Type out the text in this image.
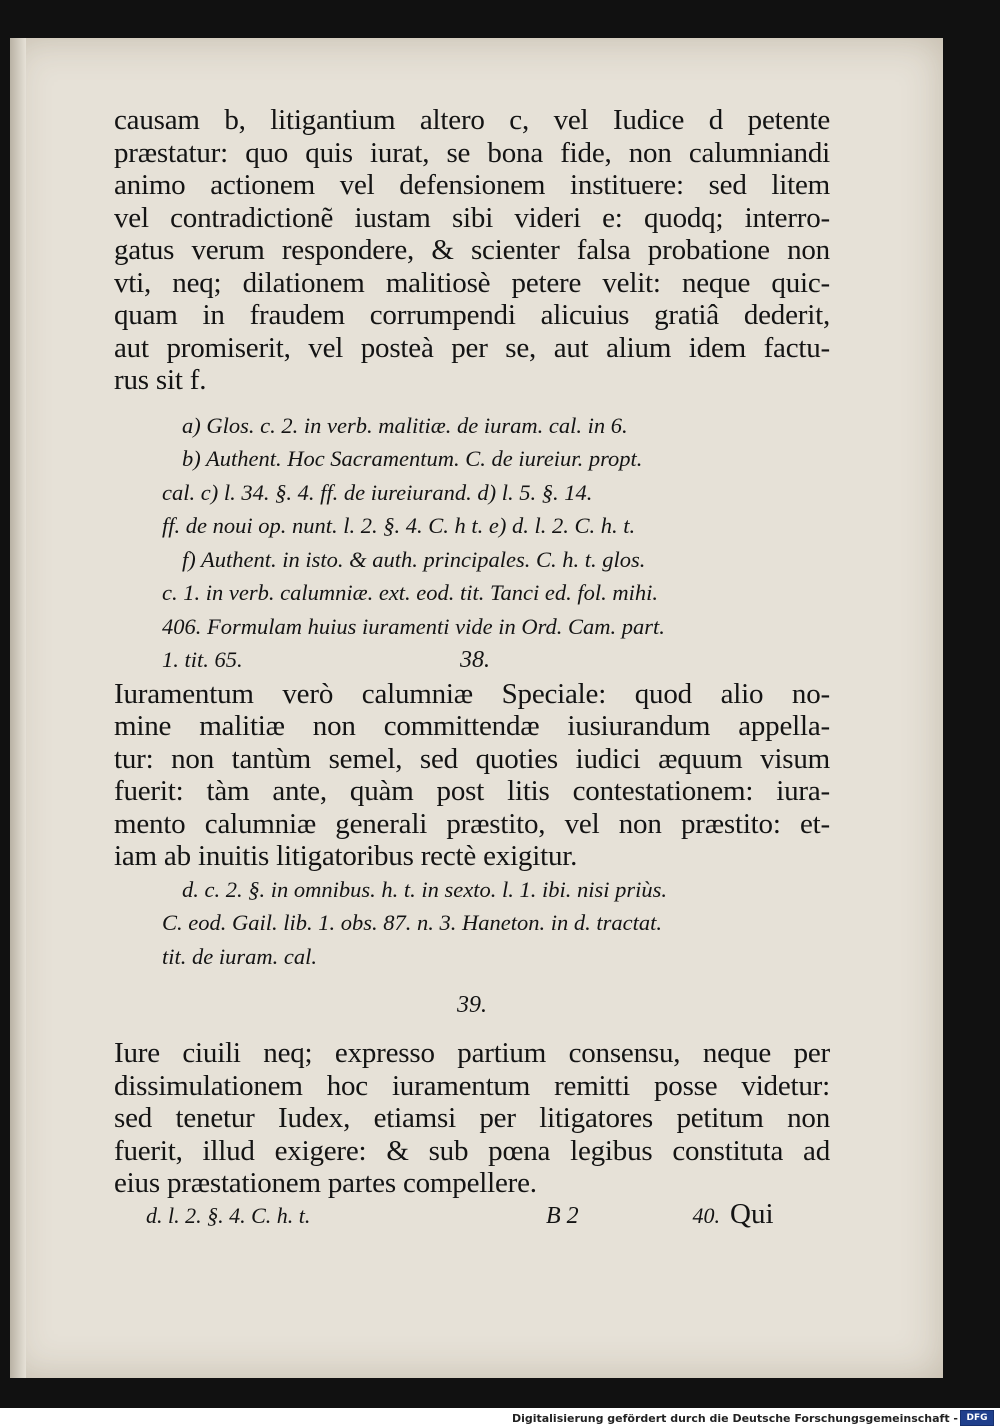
causam b, litigantium altero c, vel Iudice d petente
præstatur: quo quis iurat, se bona fide, non calumniandi
animo actionem vel defensionem instituere: sed litem
vel contradictionẽ iustam sibi videri e: quodq; interro-
gatus verum respondere, & scienter falsa probatione non
vti, neq; dilationem malitiosè petere velit: neque quic-
quam in fraudem corrumpendi alicuius gratiâ dederit,
aut promiserit, vel posteà per se, aut alium idem factu-
rus sit f.
a) Glos. c. 2. in verb. malitiæ. de iuram. cal. in 6.
b) Authent. Hoc Sacramentum. C. de iureiur. propt.
cal. c) l. 34. §. 4. ff. de iureiurand. d) l. 5. §. 14.
ff. de noui op. nunt. l. 2. §. 4. C. h t. e) d. l. 2. C. h. t.
f) Authent. in isto. & auth. principales. C. h. t. glos.
c. 1. in verb. calumniæ. ext. eod. tit. Tanci ed. fol. mihi.
406. Formulam huius iuramenti vide in Ord. Cam. part.
1. tit. 65.	38.
Iuramentum verò calumniæ Speciale: quod alio no-
mine malitiæ non committendæ iusiurandum appella-
tur: non tantùm semel, sed quoties iudici æquum visum
fuerit: tàm ante, quàm post litis contestationem: iura-
mento calumniæ generali præstito, vel non præstito: et-
iam ab inuitis litigatoribus rectè exigitur.
d. c. 2. §. in omnibus. h. t. in sexto. l. 1. ibi. nisi priùs.
C. eod. Gail. lib. 1. obs. 87. n. 3. Haneton. in d. tractat.
tit. de iuram. cal.
39.
Iure ciuili neq; expresso partium consensu, neque per
dissimulationem hoc iuramentum remitti posse videtur:
sed tenetur Iudex, etiamsi per litigatores petitum non
fuerit, illud exigere: & sub pœna legibus constituta ad
eius præstationem partes compellere.
d. l. 2. §. 4. C. h. t.	B 2	40. Qui
Digitalisierung gefördert durch die Deutsche Forschungsgemeinschaft - DFG
